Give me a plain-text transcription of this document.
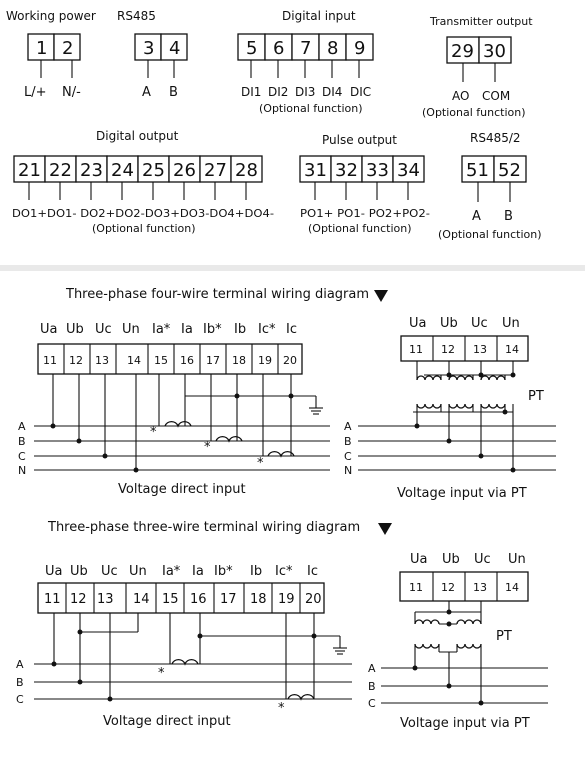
Working power
1 2
L/+ N/-
RS485
3 4
A B
Digital input
5 6 7 8 9
DI1 DI2 DI3 DI4 DIC
(Optional function)
Transmitter output
29 30
AO COM
(Optional function)
Digital output
21 22 23 24 25 26 27 28
DO1+DO1- DO2+DO2-DO3+DO3-DO4+DO4-
(Optional function)
Pulse output
31 32 33 34
PO1+ PO1- PO2+PO2-
(Optional function)
RS485/2
51 52
A B
(Optional function)
Three-phase four-wire terminal wiring diagram
Ua Ub Uc Un Ia* Ia Ib* Ib Ic* Ic
11 12 13 14 15 16 17 18 19 20
*
*
*
A
B
C
N
Voltage direct input
Ua Ub Uc Un
11 12 13 14
PT
A
B
C
N
Voltage input via PT
Three-phase three-wire terminal wiring diagram
Ua Ub Uc Un Ia* Ia Ib* Ib Ic* Ic
11 12 13 14 15 16 17 18 19 20
*
*
A
B
C
Voltage direct input
Ua Ub Uc Un
11 12 13 14
PT
A
B
C
Voltage input via PT
